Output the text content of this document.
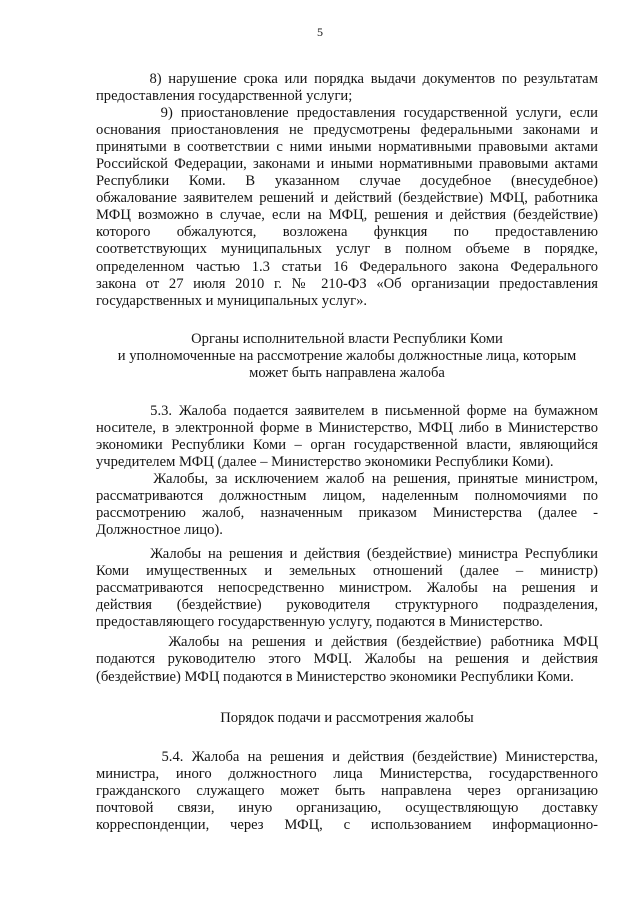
5
8) нарушение срока или порядка выдачи документов по результатам
предоставления государственной услуги;
9) приостановление предоставления государственной услуги, если
основания приостановления не предусмотрены федеральными законами и
принятыми в соответствии с ними иными нормативными правовыми актами
Российской Федерации, законами и иными нормативными правовыми актами
Республики Коми. В указанном случае досудебное (внесудебное)
обжалование заявителем решений и действий (бездействие) МФЦ, работника
МФЦ возможно в случае, если на МФЦ, решения и действия (бездействие)
которого обжалуются, возложена функция по предоставлению
соответствующих муниципальных услуг в полном объеме в порядке,
определенном частью 1.3 статьи 16 Федерального закона Федерального
закона от 27 июля 2010 г. № 210-ФЗ «Об организации предоставления
государственных и муниципальных услуг».
Органы исполнительной власти Республики Коми
и уполномоченные на рассмотрение жалобы должностные лица, которым
может быть направлена жалоба
5.3. Жалоба подается заявителем в письменной форме на бумажном
носителе, в электронной форме в Министерство, МФЦ либо в Министерство
экономики Республики Коми – орган государственной власти, являющийся
учредителем МФЦ (далее – Министерство экономики Республики Коми).
Жалобы, за исключением жалоб на решения, принятые министром,
рассматриваются должностным лицом, наделенным полномочиями по
рассмотрению жалоб, назначенным приказом Министерства (далее -
Должностное лицо).
Жалобы на решения и действия (бездействие) министра Республики
Коми имущественных и земельных отношений (далее – министр)
рассматриваются непосредственно министром. Жалобы на решения и
действия (бездействие) руководителя структурного подразделения,
предоставляющего государственную услугу, подаются в Министерство.
Жалобы на решения и действия (бездействие) работника МФЦ
подаются руководителю этого МФЦ. Жалобы на решения и действия
(бездействие) МФЦ подаются в Министерство экономики Республики Коми.
Порядок подачи и рассмотрения жалобы
5.4. Жалоба на решения и действия (бездействие) Министерства,
министра, иного должностного лица Министерства, государственного
гражданского служащего может быть направлена через организацию
почтовой связи, иную организацию, осуществляющую доставку
корреспонденции, через МФЦ, с использованием информационно-
